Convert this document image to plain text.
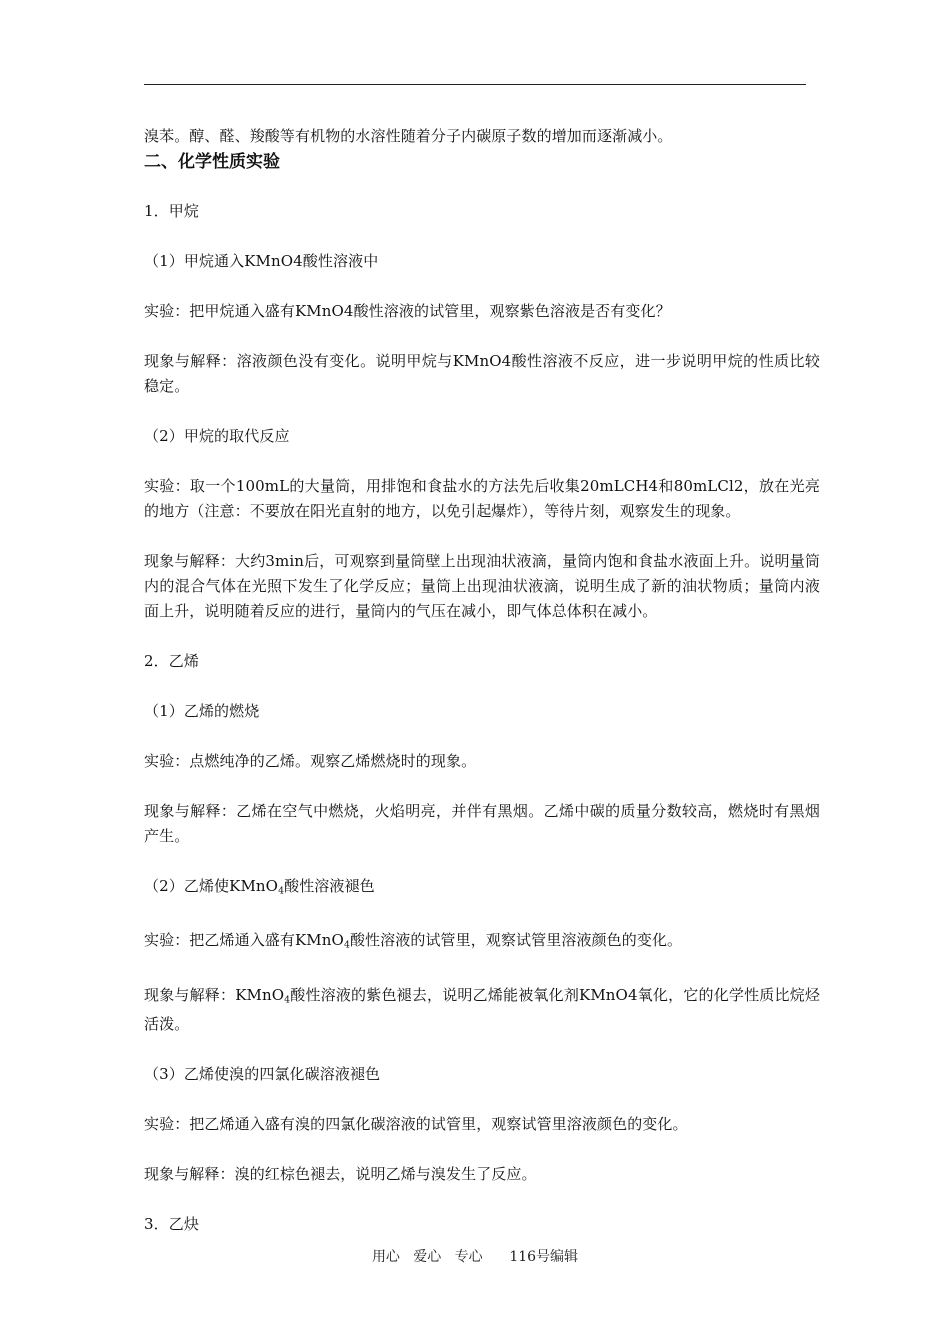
溴苯。醇、醛、羧酸等有机物的水溶性随着分子内碳原子数的增加而逐渐减小。

二、化学性质实验

1．甲烷

（1）甲烷通入KMnO4酸性溶液中

实验：把甲烷通入盛有KMnO4酸性溶液的试管里，观察紫色溶液是否有变化？

现象与解释：溶液颜色没有变化。说明甲烷与KMnO4酸性溶液不反应，进一步说明甲烷的性质比较稳定。

（2）甲烷的取代反应

实验：取一个100mL的大量筒，用排饱和食盐水的方法先后收集20mLCH4和80mLCl2，放在光亮的地方（注意：不要放在阳光直射的地方，以免引起爆炸），等待片刻，观察发生的现象。

现象与解释：大约3min后，可观察到量筒壁上出现油状液滴，量筒内饱和食盐水液面上升。说明量筒内的混合气体在光照下发生了化学反应；量筒上出现油状液滴，说明生成了新的油状物质；量筒内液面上升，说明随着反应的进行，量筒内的气压在减小，即气体总体积在减小。

2．乙烯

（1）乙烯的燃烧

实验：点燃纯净的乙烯。观察乙烯燃烧时的现象。

现象与解释：乙烯在空气中燃烧，火焰明亮，并伴有黑烟。乙烯中碳的质量分数较高，燃烧时有黑烟产生。

（2）乙烯使KMnO$_4$酸性溶液褪色

实验：把乙烯通入盛有KMnO$_4$酸性溶液的试管里，观察试管里溶液颜色的变化。

现象与解释：KMnO$_4$酸性溶液的紫色褪去，说明乙烯能被氧化剂KMnO4氧化，它的化学性质比烷烃活泼。

（3）乙烯使溴的四氯化碳溶液褪色

实验：把乙烯通入盛有溴的四氯化碳溶液的试管里，观察试管里溶液颜色的变化。

现象与解释：溴的红棕色褪去，说明乙烯与溴发生了反应。

3．乙炔

用心   爱心   专心      116号编辑
